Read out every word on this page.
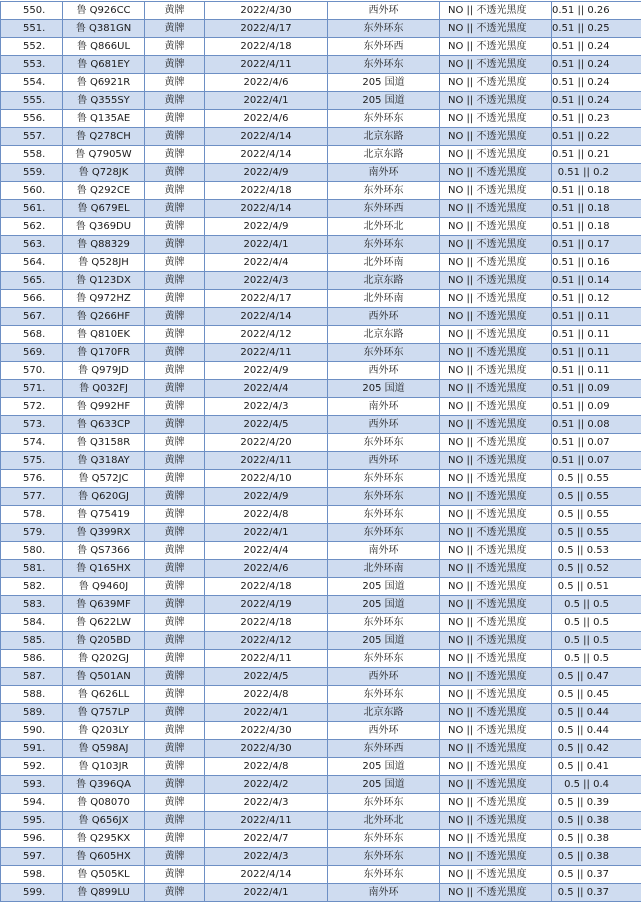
550.	鲁 Q926CC	黄牌	2022/4/30	西外环	NO || 不透光黑度	0.51 || 0.26
551.	鲁 Q381GN	黄牌	2022/4/17	东外环东	NO || 不透光黑度	0.51 || 0.25
552.	鲁 Q866UL	黄牌	2022/4/18	东外环西	NO || 不透光黑度	0.51 || 0.24
553.	鲁 Q681EY	黄牌	2022/4/11	东外环东	NO || 不透光黑度	0.51 || 0.24
554.	鲁 Q6921R	黄牌	2022/4/6	205 国道	NO || 不透光黑度	0.51 || 0.24
555.	鲁 Q355SY	黄牌	2022/4/1	205 国道	NO || 不透光黑度	0.51 || 0.24
556.	鲁 Q135AE	黄牌	2022/4/6	东外环东	NO || 不透光黑度	0.51 || 0.23
557.	鲁 Q278CH	黄牌	2022/4/14	北京东路	NO || 不透光黑度	0.51 || 0.22
558.	鲁 Q7905W	黄牌	2022/4/14	北京东路	NO || 不透光黑度	0.51 || 0.21
559.	鲁 Q728JK	黄牌	2022/4/9	南外环	NO || 不透光黑度	0.51 || 0.2
560.	鲁 Q292CE	黄牌	2022/4/18	东外环东	NO || 不透光黑度	0.51 || 0.18
561.	鲁 Q679EL	黄牌	2022/4/14	东外环西	NO || 不透光黑度	0.51 || 0.18
562.	鲁 Q369DU	黄牌	2022/4/9	北外环北	NO || 不透光黑度	0.51 || 0.18
563.	鲁 Q88329	黄牌	2022/4/1	东外环东	NO || 不透光黑度	0.51 || 0.17
564.	鲁 Q528JH	黄牌	2022/4/4	北外环南	NO || 不透光黑度	0.51 || 0.16
565.	鲁 Q123DX	黄牌	2022/4/3	北京东路	NO || 不透光黑度	0.51 || 0.14
566.	鲁 Q972HZ	黄牌	2022/4/17	北外环南	NO || 不透光黑度	0.51 || 0.12
567.	鲁 Q266HF	黄牌	2022/4/14	西外环	NO || 不透光黑度	0.51 || 0.11
568.	鲁 Q810EK	黄牌	2022/4/12	北京东路	NO || 不透光黑度	0.51 || 0.11
569.	鲁 Q170FR	黄牌	2022/4/11	东外环东	NO || 不透光黑度	0.51 || 0.11
570.	鲁 Q979JD	黄牌	2022/4/9	西外环	NO || 不透光黑度	0.51 || 0.11
571.	鲁 Q032FJ	黄牌	2022/4/4	205 国道	NO || 不透光黑度	0.51 || 0.09
572.	鲁 Q992HF	黄牌	2022/4/3	南外环	NO || 不透光黑度	0.51 || 0.09
573.	鲁 Q633CP	黄牌	2022/4/5	西外环	NO || 不透光黑度	0.51 || 0.08
574.	鲁 Q3158R	黄牌	2022/4/20	东外环东	NO || 不透光黑度	0.51 || 0.07
575.	鲁 Q318AY	黄牌	2022/4/11	西外环	NO || 不透光黑度	0.51 || 0.07
576.	鲁 Q572JC	黄牌	2022/4/10	东外环东	NO || 不透光黑度	0.5 || 0.55
577.	鲁 Q620GJ	黄牌	2022/4/9	东外环东	NO || 不透光黑度	0.5 || 0.55
578.	鲁 Q75419	黄牌	2022/4/8	东外环东	NO || 不透光黑度	0.5 || 0.55
579.	鲁 Q399RX	黄牌	2022/4/1	东外环东	NO || 不透光黑度	0.5 || 0.55
580.	鲁 QS7366	黄牌	2022/4/4	南外环	NO || 不透光黑度	0.5 || 0.53
581.	鲁 Q165HX	黄牌	2022/4/6	北外环南	NO || 不透光黑度	0.5 || 0.52
582.	鲁 Q9460J	黄牌	2022/4/18	205 国道	NO || 不透光黑度	0.5 || 0.51
583.	鲁 Q639MF	黄牌	2022/4/19	205 国道	NO || 不透光黑度	0.5 || 0.5
584.	鲁 Q622LW	黄牌	2022/4/18	东外环东	NO || 不透光黑度	0.5 || 0.5
585.	鲁 Q205BD	黄牌	2022/4/12	205 国道	NO || 不透光黑度	0.5 || 0.5
586.	鲁 Q202GJ	黄牌	2022/4/11	东外环东	NO || 不透光黑度	0.5 || 0.5
587.	鲁 Q501AN	黄牌	2022/4/5	西外环	NO || 不透光黑度	0.5 || 0.47
588.	鲁 Q626LL	黄牌	2022/4/8	东外环东	NO || 不透光黑度	0.5 || 0.45
589.	鲁 Q757LP	黄牌	2022/4/1	北京东路	NO || 不透光黑度	0.5 || 0.44
590.	鲁 Q203LY	黄牌	2022/4/30	西外环	NO || 不透光黑度	0.5 || 0.44
591.	鲁 Q598AJ	黄牌	2022/4/30	东外环西	NO || 不透光黑度	0.5 || 0.42
592.	鲁 Q103JR	黄牌	2022/4/8	205 国道	NO || 不透光黑度	0.5 || 0.41
593.	鲁 Q396QA	黄牌	2022/4/2	205 国道	NO || 不透光黑度	0.5 || 0.4
594.	鲁 Q08070	黄牌	2022/4/3	东外环东	NO || 不透光黑度	0.5 || 0.39
595.	鲁 Q656JX	黄牌	2022/4/11	北外环北	NO || 不透光黑度	0.5 || 0.38
596.	鲁 Q295KX	黄牌	2022/4/7	东外环东	NO || 不透光黑度	0.5 || 0.38
597.	鲁 Q605HX	黄牌	2022/4/3	东外环东	NO || 不透光黑度	0.5 || 0.38
598.	鲁 Q505KL	黄牌	2022/4/14	东外环东	NO || 不透光黑度	0.5 || 0.37
599.	鲁 Q899LU	黄牌	2022/4/1	南外环	NO || 不透光黑度	0.5 || 0.37
